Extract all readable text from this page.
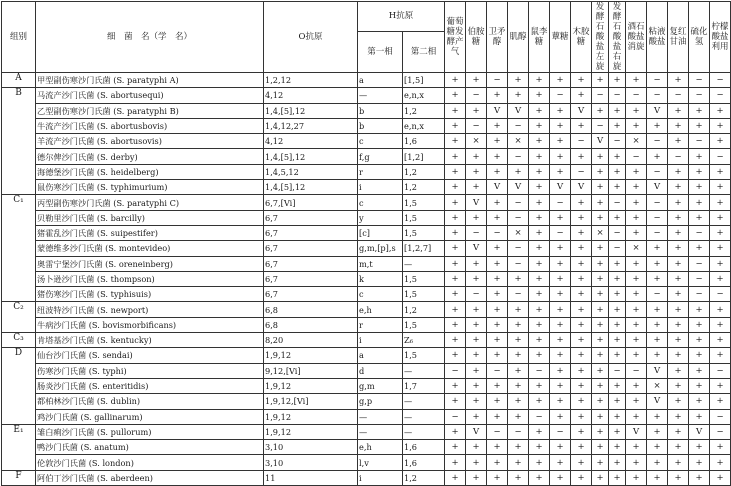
组别	细　菌　名（学　名）	O抗原	H抗原		葡萄糖发酵产气	伯胺糖	卫矛醇	肌醇	鼠李糖	蕈糖	木胶糖	发酵石酸盐 左旋	发酵石酸盐 右旋	酒石酸盐 消旋	粘液酸盐	复红甘油	硫化氢	柠檬酸盐利用
			第一相	第二相														
A	甲型副伤寒沙门氏菌 (S. paratyphi A)	1,2,12	a	[1,5]	+	+	−	+	+	+	+	+	+	+	−	+	−	−
B	马流产沙门氏菌 (S. abortusequi)	4,12	—	e,n,x	+	−	+	+	+	−	+	−	−	−	−	−	−	−
	乙型副伤寒沙门氏菌 (S. paratyphi B)	1,4,[5],12	b	1,2	+	+	V	V	+	+	V	+	+	+	V	+	+	+
	牛流产沙门氏菌 (S. abortusbovis)	1,4,12,27	b	e,n,x	+	−	+	−	+	+	+	−	+	+	+	+	+	+
	羊流产沙门氏菌 (S. abortusovis)	4,12	c	1,6	+	×	+	×	+	+	−	V	−	×	−	+	−	+
	德尔俾沙门氏菌 (S. derby)	1,4,[5],12	f,g	[1,2]	+	+	+	−	+	+	+	+	+	−	+	−	+	−
	海德堡沙门氏菌 (S. heidelberg)	1,4,5,12	r	1,2	+	+	+	+	+	+	−	+	+	+	−	+	+	+
	鼠伤寒沙门氏菌 (S. typhimurium)	1,4,[5],12	i	1,2	+	+	V	V	+	V	V	+	+	+	V	+	+	+
C₁	丙型副伤寒沙门氏菌 (S. paratyphi C)	6,7,[Vi]	c	1,5	+	V	+	−	+	−	+	+	−	+	−	+	+	+
	贝勒里沙门氏菌 (S. barcilly)	6,7	y	1,5	+	+	+	−	+	+	+	+	+	+	−	+	+	+
	猪霍乱沙门氏菌 (S. suipestifer)	6,7	[c]	1,5	+	−	−	×	+	−	+	×	−	+	−	+	−	+
	蒙德维多沙门氏菌 (S. montevideo)	6,7	g,m,[p],s	[1,2,7]	+	V	+	−	+	+	+	+	−	×	+	+	+	+
	奥雷宁堡沙门氏菌 (S. oreneinberg)	6,7	m,t	—	+	+	+	−	+	+	+	+	+	+	+	+	−	+
	汤卜逊沙门氏菌 (S. thompson)	6,7	k	1,5	+	+	+	+	+	+	+	+	+	+	+	+	−	+
	猪伤寒沙门氏菌 (S. typhisuis)	6,7	c	1,5	+	−	+	−	+	+	+	+	+	+	−	+	−	−
C₂	纽波特沙门氏菌 (S. newport)	6,8	e,h	1,2	+	+	+	+	+	+	+	+	+	+	+	+	+	+
	牛病沙门氏菌 (S. bovismorbificans)	6,8	r	1,5	+	+	+	+	+	+	+	+	+	+	+	+	+	+
C₃	肯塔基沙门氏菌 (S. kentucky)	8,20	i	Z₆	+	+	+	+	+	+	+	+	+	+	+	+	+	+
D	仙台沙门氏菌 (S. sendai)	1,9,12	a	1,5	+	+	+	+	+	+	+	+	+	+	+	+	+	+
	伤寒沙门氏菌 (S. typhi)	9,12,[Vi]	d	—	−	+	−	+	−	+	+	+	−	−	V	+	+	−
	肠炎沙门氏菌 (S. enteritidis)	1,9,12	g,m	1,7	+	+	+	+	+	+	+	+	+	+	×	+	+	+
	都柏林沙门氏菌 (S. dublin)	1,9,12,[Vi]	g,p	—	+	+	+	+	+	+	+	+	+	+	V	+	+	+
	鸡沙门氏菌 (S. gallinarum)	1,9,12	—	—	−	+	+	+	−	+	+	+	+	+	+	+	+	−
E₁	雏白痢沙门氏菌 (S. pullorum)	1,9,12	—	—	+	V	−	−	+	−	+	+	+	V	+	+	V	−
	鸭沙门氏菌 (S. anatum)	3,10	e,h	1,6	+	+	+	+	+	+	+	+	+	+	+	+	+	+
	伦敦沙门氏菌 (S. london)	3,10	l,v	1,6	+	+	+	+	+	+	+	+	+	+	+	+	+	+
F	阿伯丁沙门氏菌 (S. aberdeen)	11	i	1,2	+	+	+	+	+	+	+	+	+	+	+	+	+	+
